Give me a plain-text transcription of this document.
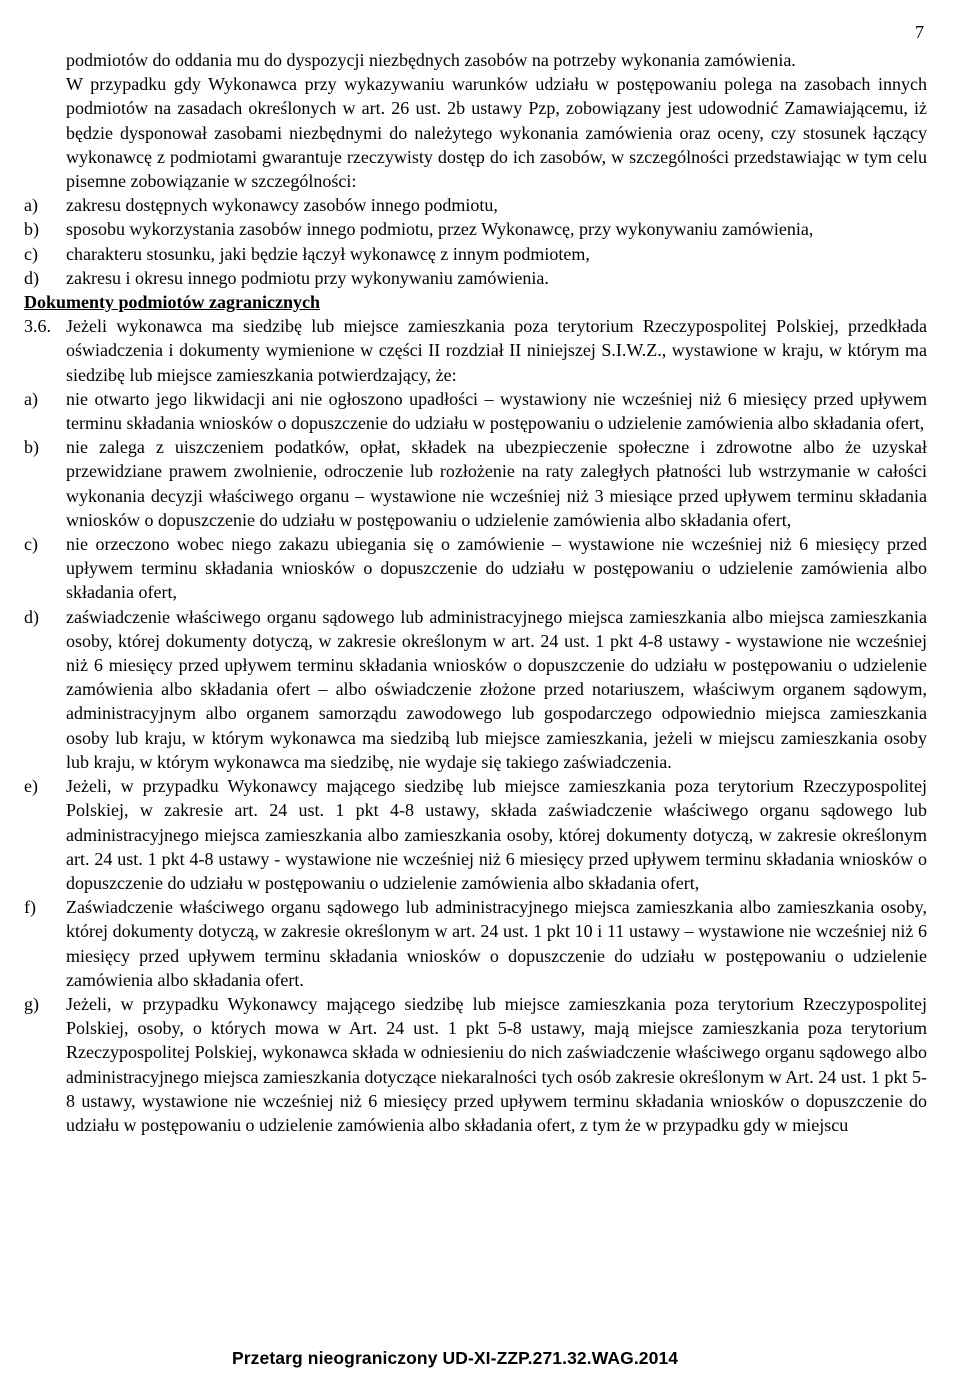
7

podmiotów do oddania mu do dyspozycji niezbędnych zasobów na potrzeby wykonania zamówienia.

W przypadku gdy Wykonawca przy wykazywaniu warunków udziału w postępowaniu polega na zasobach innych podmiotów na zasadach określonych w art. 26 ust. 2b ustawy Pzp, zobowiązany jest udowodnić Zamawiającemu, iż będzie dysponował zasobami niezbędnymi do należytego wykonania zamówienia oraz oceny, czy stosunek łączący wykonawcę z podmiotami gwarantuje rzeczywisty dostęp do ich zasobów, w szczególności przedstawiając w tym celu pisemne zobowiązanie w szczególności:

a)	zakresu dostępnych wykonawcy zasobów innego podmiotu,
b)	sposobu wykorzystania zasobów innego podmiotu, przez Wykonawcę, przy wykonywaniu zamówienia,
c)	charakteru stosunku, jaki będzie łączył wykonawcę z innym podmiotem,
d)	zakresu i okresu innego podmiotu przy wykonywaniu zamówienia.

Dokumenty podmiotów zagranicznych

3.6. Jeżeli wykonawca ma siedzibę lub miejsce zamieszkania poza terytorium Rzeczypospolitej Polskiej, przedkłada oświadczenia i dokumenty wymienione w części II rozdział II niniejszej S.I.W.Z., wystawione w kraju, w którym ma siedzibę lub miejsce zamieszkania potwierdzający, że:
a)	nie otwarto jego likwidacji ani nie ogłoszono upadłości – wystawiony nie wcześniej niż 6 miesięcy przed upływem terminu składania wniosków o dopuszczenie do udziału w postępowaniu o udzielenie zamówienia albo składania ofert,
b)	nie zalega z uiszczeniem podatków, opłat, składek na ubezpieczenie społeczne i zdrowotne albo że uzyskał przewidziane prawem zwolnienie, odroczenie lub rozłożenie na raty zaległych płatności lub wstrzymanie w całości wykonania decyzji właściwego organu – wystawione nie wcześniej niż 3 miesiące przed upływem terminu składania wniosków o dopuszczenie do udziału w postępowaniu o udzielenie zamówienia albo składania ofert,
c)	nie orzeczono wobec niego zakazu ubiegania się o zamówienie – wystawione nie wcześniej niż 6 miesięcy przed upływem terminu składania wniosków o dopuszczenie do udziału w postępowaniu o udzielenie zamówienia albo składania ofert,
d)	zaświadczenie właściwego organu sądowego lub administracyjnego miejsca zamieszkania albo miejsca zamieszkania osoby, której dokumenty dotyczą, w zakresie określonym w art. 24 ust. 1 pkt 4-8 ustawy - wystawione nie wcześniej niż 6 miesięcy przed upływem terminu składania wniosków o dopuszczenie do udziału w postępowaniu o udzielenie zamówienia albo składania ofert – albo oświadczenie złożone przed notariuszem, właściwym organem sądowym, administracyjnym albo organem samorządu zawodowego lub gospodarczego odpowiednio miejsca zamieszkania osoby lub kraju, w którym wykonawca ma siedzibą lub miejsce zamieszkania, jeżeli w miejscu zamieszkania osoby lub kraju, w którym wykonawca ma siedzibę, nie wydaje się takiego zaświadczenia.
e)	Jeżeli, w przypadku Wykonawcy mającego siedzibę lub miejsce zamieszkania poza terytorium Rzeczypospolitej Polskiej, w zakresie art. 24 ust. 1 pkt 4-8 ustawy, składa zaświadczenie właściwego organu sądowego lub administracyjnego miejsca zamieszkania albo zamieszkania osoby, której dokumenty dotyczą, w zakresie określonym art. 24 ust. 1 pkt 4-8 ustawy - wystawione nie wcześniej niż 6 miesięcy przed upływem terminu składania wniosków o dopuszczenie do udziału w postępowaniu o udzielenie zamówienia albo składania ofert,
f)	Zaświadczenie właściwego organu sądowego lub administracyjnego miejsca zamieszkania albo zamieszkania osoby, której dokumenty dotyczą, w zakresie określonym w art. 24 ust. 1 pkt 10 i 11 ustawy – wystawione nie wcześniej niż 6 miesięcy przed upływem terminu składania wniosków o dopuszczenie do udziału w postępowaniu o udzielenie zamówienia albo składania ofert.
g)	Jeżeli, w przypadku Wykonawcy mającego siedzibę lub miejsce zamieszkania poza terytorium Rzeczypospolitej Polskiej, osoby, o których mowa w Art. 24 ust. 1 pkt 5-8 ustawy, mają miejsce zamieszkania poza terytorium Rzeczypospolitej Polskiej, wykonawca składa w odniesieniu do nich zaświadczenie właściwego organu sądowego albo administracyjnego miejsca zamieszkania dotyczące niekaralności tych osób zakresie określonym w Art. 24 ust. 1 pkt 5-8 ustawy, wystawione nie wcześniej niż 6 miesięcy przed upływem terminu składania wniosków o dopuszczenie do udziału w postępowaniu o udzielenie zamówienia albo składania ofert, z tym że w przypadku gdy w miejscu
Przetarg nieograniczony UD-XI-ZZP.271.32.WAG.2014
